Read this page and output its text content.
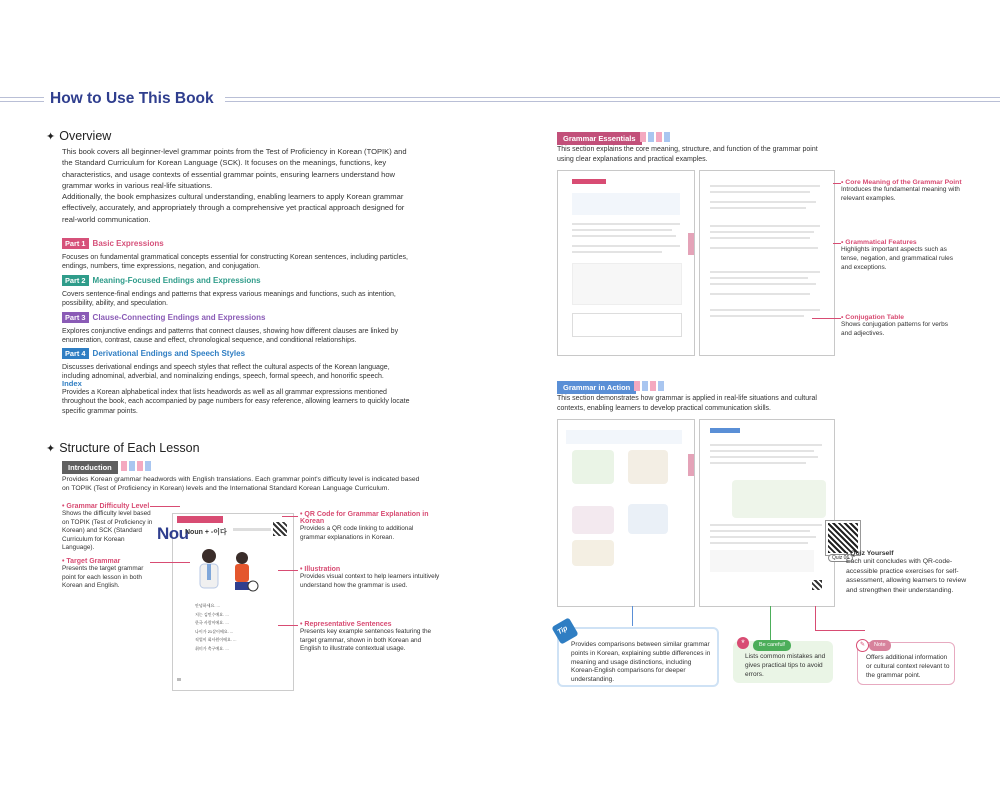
How to Use This Book
✦ Overview
This book covers all beginner-level grammar points from the Test of Proficiency in Korean (TOPIK) and the Standard Curriculum for Korean Language (SCK). It focuses on the meanings, functions, key characteristics, and usage contexts of essential grammar points, ensuring learners understand how grammar works in various real-life situations.
Additionally, the book emphasizes cultural understanding, enabling learners to apply Korean grammar effectively, accurately, and appropriately through a comprehensive yet practical approach designed for real-world communication.
Part 1 Basic Expressions
Focuses on fundamental grammatical concepts essential for constructing Korean sentences, including particles, endings, numbers, time expressions, negation, and conjugation.
Part 2 Meaning-Focused Endings and Expressions
Covers sentence-final endings and patterns that express various meanings and functions, such as intention, possibility, ability, and speculation.
Part 3 Clause-Connecting Endings and Expressions
Explores conjunctive endings and patterns that connect clauses, showing how different clauses are linked by enumeration, contrast, cause and effect, chronological sequence, and conditional relationships.
Part 4 Derivational Endings and Speech Styles
Discusses derivational endings and speech styles that reflect the cultural aspects of the Korean language, including adnominal, adverbial, and nominalizing endings, speech, formal speech, and honorific speech.
Index
Provides a Korean alphabetical index that lists headwords as well as all grammar expressions mentioned throughout the book, each accompanied by page numbers for easy reference, allowing learners to quickly locate specific grammar points.
✦ Structure of Each Lesson
Introduction
Provides Korean grammar headwords with English translations. Each grammar point's difficulty level is indicated based on TOPIK (Test of Proficiency in Korean) levels and the International Standard Korean Language Curriculum.
Nou
Noun + -이다
안녕하세요. ...
저는 김민수예요. ...
한국 사람이에요. ...
나이가 21살이에요. ...
직업이 회사원이에요. ...
취미가 축구예요. ...
• Grammar Difficulty Level
Shows the difficulty level based on TOPIK (Test of Proficiency in Korean) and SCK (Standard Curriculum for Korean Language).
• Target Grammar
Presents the target grammar point for each lesson in both Korean and English.
• QR Code for Grammar Explanation in Korean
Provides a QR code linking to additional grammar explanations in Korean.
• Illustration
Provides visual context to help learners intuitively understand how the grammar is used.
• Representative Sentences
Presents key example sentences featuring the target grammar, shown in both Korean and English to illustrate contextual usage.
Grammar Essentials
This section explains the core meaning, structure, and function of the grammar point using clear explanations and practical examples.
• Core Meaning of the Grammar Point
Introduces the fundamental meaning with relevant examples.
• Grammatical Features
Highlights important aspects such as tense, negation, and grammatical rules and exceptions.
• Conjugation Table
Shows conjugation patterns for verbs and adjectives.
Grammar in Action
This section demonstrates how grammar is applied in real-life situations and cultural contexts, enabling learners to develop practical communication skills.
Quiz 06
• Quiz Yourself
Each unit concludes with QR-code-accessible practice exercises for self-assessment, allowing learners to review and strengthen their understanding.
Tip
Provides comparisons between similar grammar points in Korean, explaining subtle differences in meaning and usage distinctions, including Korean-English comparisons for deeper understanding.
*	Be careful!
Lists common mistakes and gives practical tips to avoid errors.
✎	Note
Offers additional information or cultural context relevant to the grammar point.
